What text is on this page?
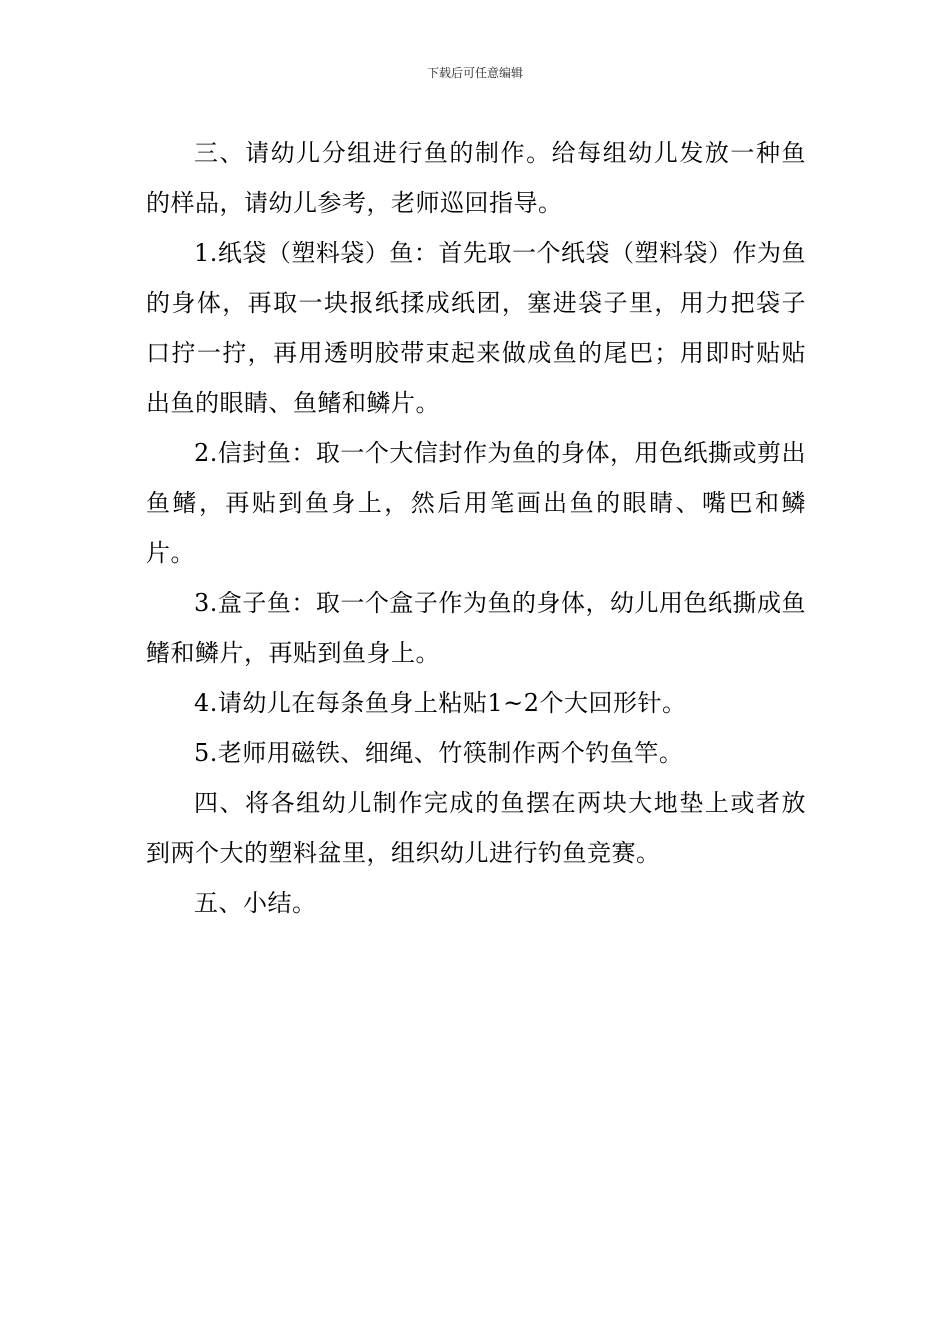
下载后可任意编辑

三、请幼儿分组进行鱼的制作。给每组幼儿发放一种鱼的样品，请幼儿参考，老师巡回指导。

1.纸袋（塑料袋）鱼：首先取一个纸袋（塑料袋）作为鱼的身体，再取一块报纸揉成纸团，塞进袋子里，用力把袋子口拧一拧，再用透明胶带束起来做成鱼的尾巴；用即时贴贴出鱼的眼睛、鱼鳍和鳞片。

2.信封鱼：取一个大信封作为鱼的身体，用色纸撕或剪出鱼鳍，再贴到鱼身上，然后用笔画出鱼的眼睛、嘴巴和鳞片。

3.盒子鱼：取一个盒子作为鱼的身体，幼儿用色纸撕成鱼鳍和鳞片，再贴到鱼身上。

4.请幼儿在每条鱼身上粘贴1~2个大回形针。

5.老师用磁铁、细绳、竹筷制作两个钓鱼竿。

四、将各组幼儿制作完成的鱼摆在两块大地垫上或者放到两个大的塑料盆里，组织幼儿进行钓鱼竞赛。

五、小结。
